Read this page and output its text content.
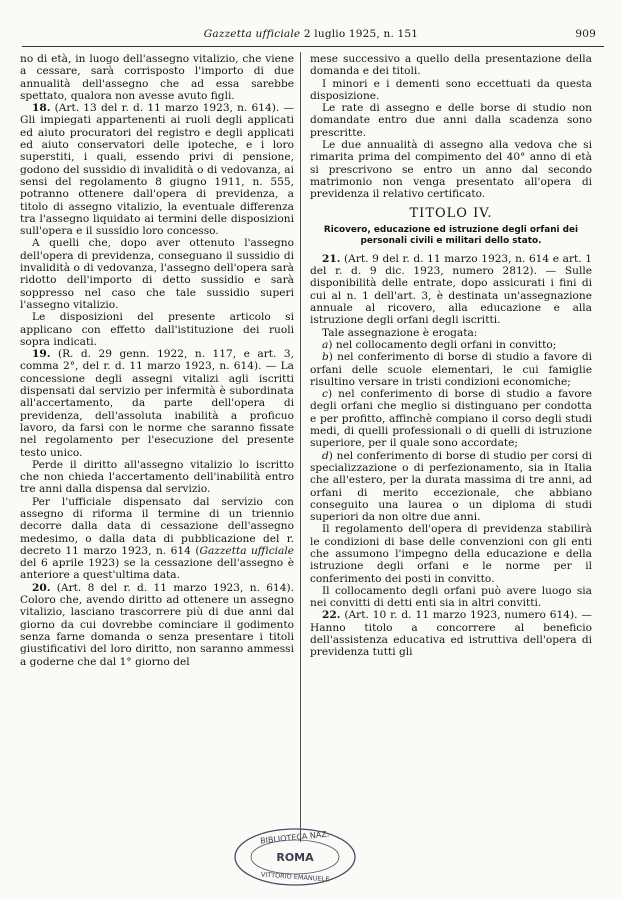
Gazzetta ufficiale 2 luglio 1925, n. 151	909

no di età, in luogo dell'assegno vitalizio, che viene a cessare, sarà corrisposto l'importo di due annualità dell'assegno che ad essa sarebbe spettato, qualora non avesse avuto figli.

18. (Art. 13 del r. d. 11 marzo 1923, n. 614). — Gli impiegati appartenenti ai ruoli degli applicati ed aiuto procuratori del registro e degli applicati ed aiuto conservatori delle ipoteche, e i loro superstiti, i quali, essendo privi di pensione, godono del sussidio di invalidità o di vedovanza, ai sensi del regolamento 8 giugno 1911, n. 555, potranno ottenere dall'opera di previdenza, a titolo di assegno vitalizio, la eventuale differenza tra l'assegno liquidato ai termini delle disposizioni sull'opera e il sussidio loro concesso.

A quelli che, dopo aver ottenuto l'assegno dell'opera di previdenza, conseguano il sussidio di invalidità o di vedovanza, l'assegno dell'opera sarà ridotto dell'importo di detto sussidio e sarà soppresso nel caso che tale sussidio superi l'assegno vitalizio.

Le disposizioni del presente articolo si applicano con effetto dall'istituzione dei ruoli sopra indicati.

19. (R. d. 29 genn. 1922, n. 117, e art. 3, comma 2°, del r. d. 11 marzo 1923, n. 614). — La concessione degli assegni vitalizi agli iscritti dispensati dal servizio per infermità è subordinata all'accertamento, da parte dell'opera di previdenza, dell'assoluta inabilità a proficuo lavoro, da farsi con le norme che saranno fissate nel regolamento per l'esecuzione del presente testo unico.

Perde il diritto all'assegno vitalizio lo iscritto che non chieda l'accertamento dell'inabilità entro tre anni dalla dispensa dal servizio.

Per l'ufficiale dispensato dal servizio con assegno di riforma il termine di un triennio decorre dalla data di cessazione dell'assegno medesimo, o dalla data di pubblicazione del r. decreto 11 marzo 1923, n. 614 (Gazzetta ufficiale del 6 aprile 1923) se la cessazione dell'assegno è anteriore a quest'ultima data.

20. (Art. 8 del r. d. 11 marzo 1923, n. 614). Coloro che, avendo diritto ad ottenere un assegno vitalizio, lasciano trascorrere più di due anni dal giorno da cui dovrebbe cominciare il godimento senza farne domanda o senza presentare i titoli giustificativi del loro diritto, non saranno ammessi a goderne che dal 1° giorno del

mese successivo a quello della presentazione della domanda e dei titoli.

I minori e i dementi sono eccettuati da questa disposizione.

Le rate di assegno e delle borse di studio non domandate entro due anni dalla scadenza sono prescritte.

Le due annualità di assegno alla vedova che si rimarita prima del compimento del 40° anno di età si prescrivono se entro un anno dal secondo matrimonio non venga presentato all'opera di previdenza il relativo certificato.

TITOLO IV.
Ricovero, educazione ed istruzione degli orfani dei personali civili e militari dello stato.

21. (Art. 9 del r. d. 11 marzo 1923, n. 614 e art. 1 del r. d. 9 dic. 1923, numero 2812). — Sulle disponibilità delle entrate, dopo assicurati i fini di cui al n. 1 dell'art. 3, è destinata un'assegnazione annuale al ricovero, alla educazione e alla istruzione degli orfani degli iscritti.

Tale assegnazione è erogata:

a) nel collocamento degli orfani in convitto;

b) nel conferimento di borse di studio a favore di orfani delle scuole elementari, le cui famiglie risultino versare in tristi condizioni economiche;

c) nel conferimento di borse di studio a favore degli orfani che meglio si distinguano per condotta e per profitto, affinchè compiano il corso degli studi medi, di quelli professionali o di quelli di istruzione superiore, per il quale sono accordate;

d) nel conferimento di borse di studio per corsi di specializzazione o di perfezionamento, sia in Italia che all'estero, per la durata massima di tre anni, ad orfani di merito eccezionale, che abbiano conseguito una laurea o un diploma di studi superiori da non oltre due anni.

Il regolamento dell'opera di previdenza stabilirà le condizioni di base delle convenzioni con gli enti che assumono l'impegno della educazione e della istruzione degli orfani e le norme per il conferimento dei posti in convitto.

Il collocamento degli orfani può avere luogo sia nei convitti di detti enti sia in altri convitti.

22. (Art. 10 r. d. 11 marzo 1923, numero 614). — Hanno titolo a concorrere al beneficio dell'assistenza educativa ed istruttiva dell'opera di previdenza tutti gli

BIBLIOTECA NAZ.
ROMA
VITTORIO EMANUELE
